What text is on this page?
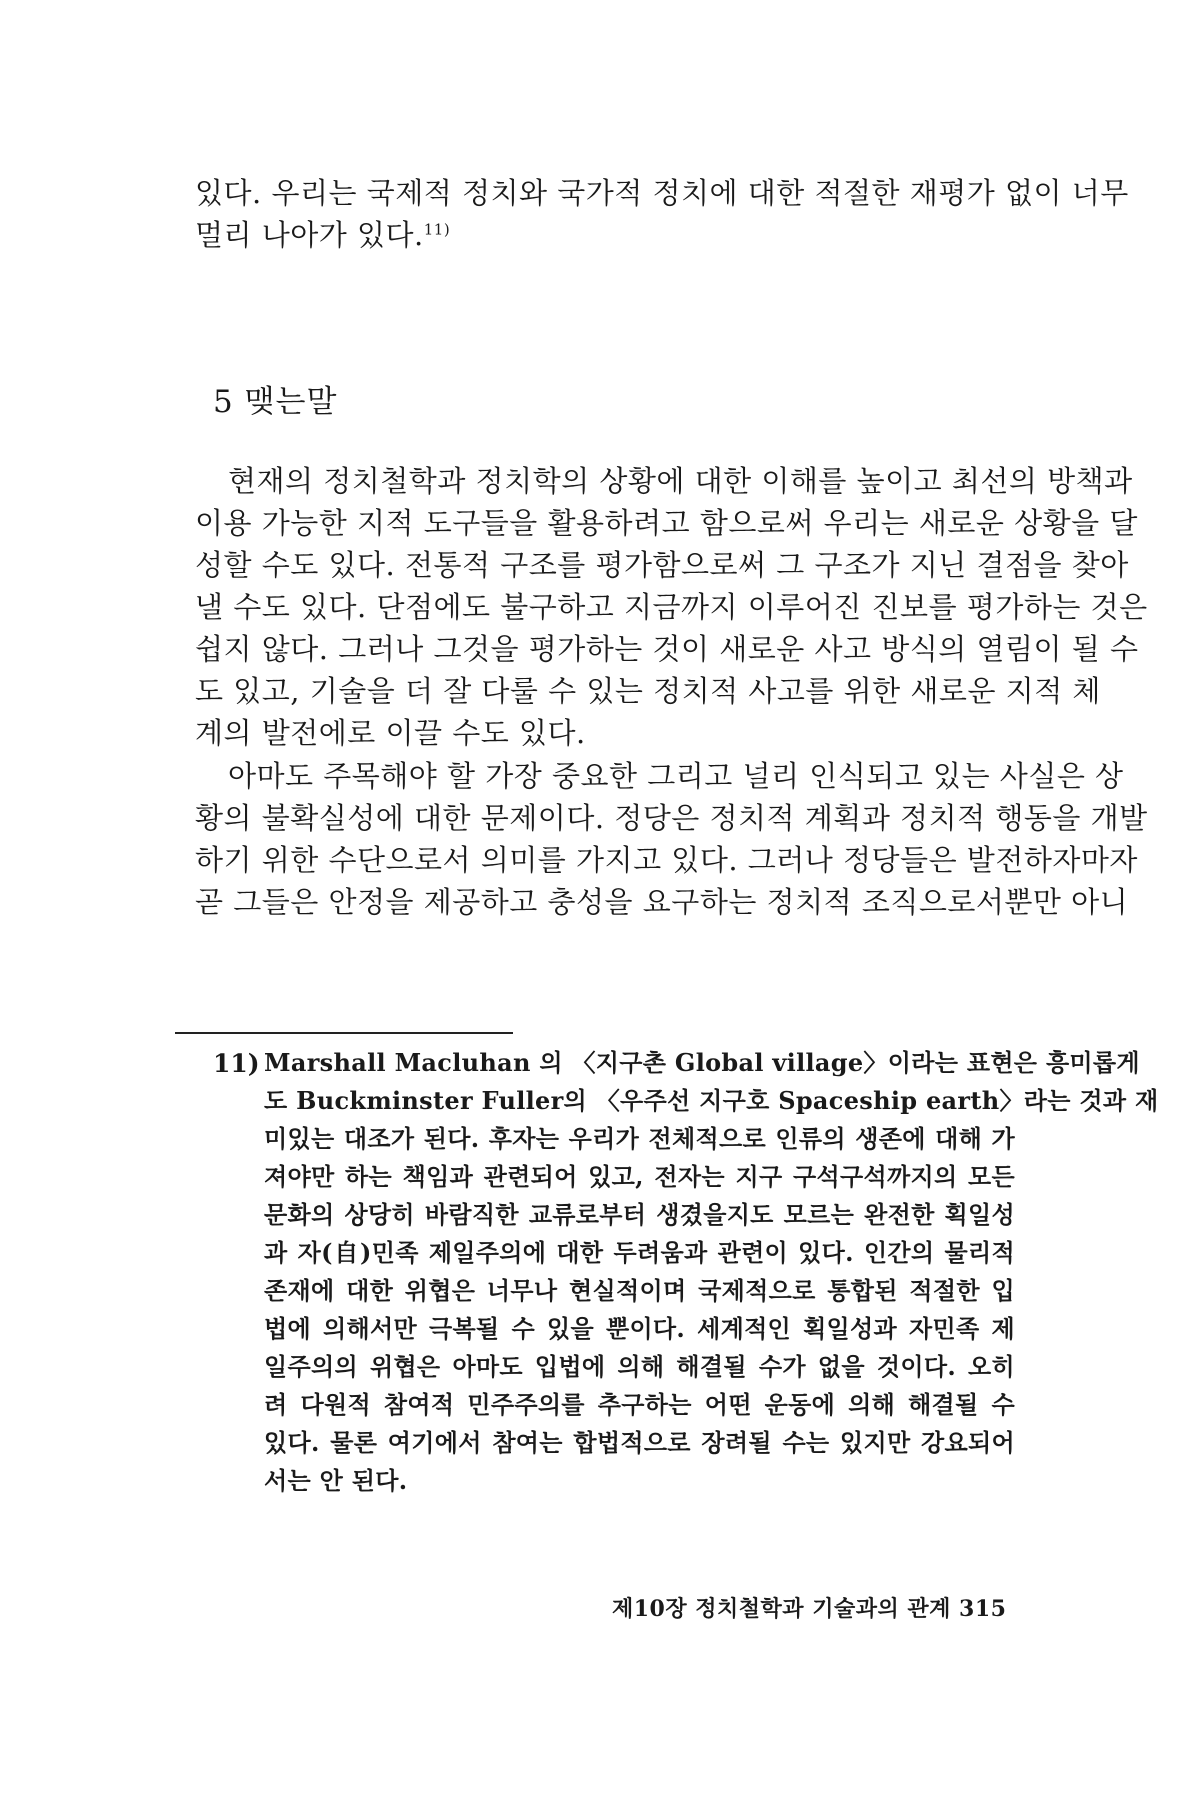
있다. 우리는 국제적 정치와 국가적 정치에 대한 적절한 재평가 없이 너무
멀리 나아가 있다.$^{11)}$
5 맺는말
현재의 정치철학과 정치학의 상황에 대한 이해를 높이고 최선의 방책과
이용 가능한 지적 도구들을 활용하려고 함으로써 우리는 새로운 상황을 달
성할 수도 있다. 전통적 구조를 평가함으로써 그 구조가 지닌 결점을 찾아
낼 수도 있다. 단점에도 불구하고 지금까지 이루어진 진보를 평가하는 것은
쉽지 않다. 그러나 그것을 평가하는 것이 새로운 사고 방식의 열림이 될 수
도 있고, 기술을 더 잘 다룰 수 있는 정치적 사고를 위한 새로운 지적 체
계의 발전에로 이끌 수도 있다.
아마도 주목해야 할 가장 중요한 그리고 널리 인식되고 있는 사실은 상
황의 불확실성에 대한 문제이다. 정당은 정치적 계획과 정치적 행동을 개발
하기 위한 수단으로서 의미를 가지고 있다. 그러나 정당들은 발전하자마자
곧 그들은 안정을 제공하고 충성을 요구하는 정치적 조직으로서뿐만 아니
11) Marshall Macluhan 의 〈지구촌 Global village〉이라는 표현은 흥미롭게
도 Buckminster Fuller의 〈우주선 지구호 Spaceship earth〉라는 것과 재
미있는 대조가 된다. 후자는 우리가 전체적으로 인류의 생존에 대해 가
져야만 하는 책임과 관련되어 있고, 전자는 지구 구석구석까지의 모든
문화의 상당히 바람직한 교류로부터 생겼을지도 모르는 완전한 획일성
과 자(自)민족 제일주의에 대한 두려움과 관련이 있다. 인간의 물리적
존재에 대한 위협은 너무나 현실적이며 국제적으로 통합된 적절한 입
법에 의해서만 극복될 수 있을 뿐이다. 세계적인 획일성과 자민족 제
일주의의 위협은 아마도 입법에 의해 해결될 수가 없을 것이다. 오히
려 다원적 참여적 민주주의를 추구하는 어떤 운동에 의해 해결될 수
있다. 물론 여기에서 참여는 합법적으로 장려될 수는 있지만 강요되어
서는 안 된다.
제10장 정치철학과 기술과의 관계 315
